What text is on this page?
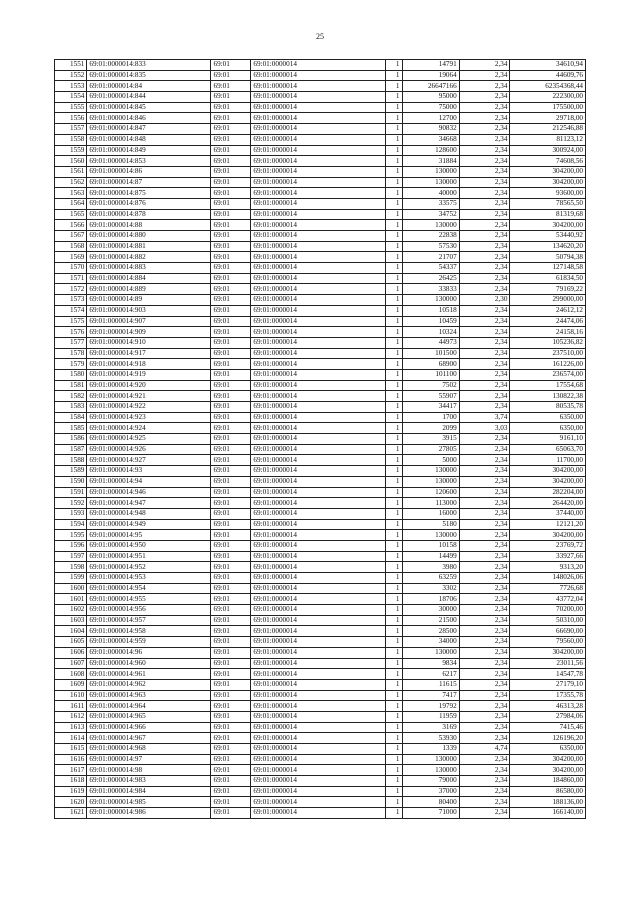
25
1551	69:01:0000014:833	69:01	69:01:0000014	1	14791	2,34	34610,94
1552	69:01:0000014:835	69:01	69:01:0000014	1	19064	2,34	44609,76
1553	69:01:0000014:84	69:01	69:01:0000014	1	26647166	2,34	62354368,44
1554	69:01:0000014:844	69:01	69:01:0000014	1	95000	2,34	222300,00
1555	69:01:0000014:845	69:01	69:01:0000014	1	75000	2,34	175500,00
1556	69:01:0000014:846	69:01	69:01:0000014	1	12700	2,34	29718,00
1557	69:01:0000014:847	69:01	69:01:0000014	1	90832	2,34	212546,88
1558	69:01:0000014:848	69:01	69:01:0000014	1	34668	2,34	81123,12
1559	69:01:0000014:849	69:01	69:01:0000014	1	128600	2,34	300924,00
1560	69:01:0000014:853	69:01	69:01:0000014	1	31884	2,34	74608,56
1561	69:01:0000014:86	69:01	69:01:0000014	1	130000	2,34	304200,00
1562	69:01:0000014:87	69:01	69:01:0000014	1	130000	2,34	304200,00
1563	69:01:0000014:875	69:01	69:01:0000014	1	40000	2,34	93600,00
1564	69:01:0000014:876	69:01	69:01:0000014	1	33575	2,34	78565,50
1565	69:01:0000014:878	69:01	69:01:0000014	1	34752	2,34	81319,68
1566	69:01:0000014:88	69:01	69:01:0000014	1	130000	2,34	304200,00
1567	69:01:0000014:880	69:01	69:01:0000014	1	22838	2,34	53440,92
1568	69:01:0000014:881	69:01	69:01:0000014	1	57530	2,34	134620,20
1569	69:01:0000014:882	69:01	69:01:0000014	1	21707	2,34	50794,38
1570	69:01:0000014:883	69:01	69:01:0000014	1	54337	2,34	127148,58
1571	69:01:0000014:884	69:01	69:01:0000014	1	26425	2,34	61834,50
1572	69:01:0000014:889	69:01	69:01:0000014	1	33833	2,34	79169,22
1573	69:01:0000014:89	69:01	69:01:0000014	1	130000	2,30	299000,00
1574	69:01:0000014:903	69:01	69:01:0000014	1	10518	2,34	24612,12
1575	69:01:0000014:907	69:01	69:01:0000014	1	10459	2,34	24474,06
1576	69:01:0000014:909	69:01	69:01:0000014	1	10324	2,34	24158,16
1577	69:01:0000014:910	69:01	69:01:0000014	1	44973	2,34	105236,82
1578	69:01:0000014:917	69:01	69:01:0000014	1	101500	2,34	237510,00
1579	69:01:0000014:918	69:01	69:01:0000014	1	68900	2,34	161226,00
1580	69:01:0000014:919	69:01	69:01:0000014	1	101100	2,34	236574,00
1581	69:01:0000014:920	69:01	69:01:0000014	1	7502	2,34	17554,68
1582	69:01:0000014:921	69:01	69:01:0000014	1	55907	2,34	130822,38
1583	69:01:0000014:922	69:01	69:01:0000014	1	34417	2,34	80535,78
1584	69:01:0000014:923	69:01	69:01:0000014	1	1700	3,74	6350,00
1585	69:01:0000014:924	69:01	69:01:0000014	1	2099	3,03	6350,00
1586	69:01:0000014:925	69:01	69:01:0000014	1	3915	2,34	9161,10
1587	69:01:0000014:926	69:01	69:01:0000014	1	27805	2,34	65063,70
1588	69:01:0000014:927	69:01	69:01:0000014	1	5000	2,34	11700,00
1589	69:01:0000014:93	69:01	69:01:0000014	1	130000	2,34	304200,00
1590	69:01:0000014:94	69:01	69:01:0000014	1	130000	2,34	304200,00
1591	69:01:0000014:946	69:01	69:01:0000014	1	120600	2,34	282204,00
1592	69:01:0000014:947	69:01	69:01:0000014	1	113000	2,34	264420,00
1593	69:01:0000014:948	69:01	69:01:0000014	1	16000	2,34	37440,00
1594	69:01:0000014:949	69:01	69:01:0000014	1	5180	2,34	12121,20
1595	69:01:0000014:95	69:01	69:01:0000014	1	130000	2,34	304200,00
1596	69:01:0000014:950	69:01	69:01:0000014	1	10158	2,34	23769,72
1597	69:01:0000014:951	69:01	69:01:0000014	1	14499	2,34	33927,66
1598	69:01:0000014:952	69:01	69:01:0000014	1	3980	2,34	9313,20
1599	69:01:0000014:953	69:01	69:01:0000014	1	63259	2,34	148026,06
1600	69:01:0000014:954	69:01	69:01:0000014	1	3302	2,34	7726,68
1601	69:01:0000014:955	69:01	69:01:0000014	1	18706	2,34	43772,04
1602	69:01:0000014:956	69:01	69:01:0000014	1	30000	2,34	70200,00
1603	69:01:0000014:957	69:01	69:01:0000014	1	21500	2,34	50310,00
1604	69:01:0000014:958	69:01	69:01:0000014	1	28500	2,34	66690,00
1605	69:01:0000014:959	69:01	69:01:0000014	1	34000	2,34	79560,00
1606	69:01:0000014:96	69:01	69:01:0000014	1	130000	2,34	304200,00
1607	69:01:0000014:960	69:01	69:01:0000014	1	9834	2,34	23011,56
1608	69:01:0000014:961	69:01	69:01:0000014	1	6217	2,34	14547,78
1609	69:01:0000014:962	69:01	69:01:0000014	1	11615	2,34	27179,10
1610	69:01:0000014:963	69:01	69:01:0000014	1	7417	2,34	17355,78
1611	69:01:0000014:964	69:01	69:01:0000014	1	19792	2,34	46313,28
1612	69:01:0000014:965	69:01	69:01:0000014	1	11959	2,34	27984,06
1613	69:01:0000014:966	69:01	69:01:0000014	1	3169	2,34	7415,46
1614	69:01:0000014:967	69:01	69:01:0000014	1	53930	2,34	126196,20
1615	69:01:0000014:968	69:01	69:01:0000014	1	1339	4,74	6350,00
1616	69:01:0000014:97	69:01	69:01:0000014	1	130000	2,34	304200,00
1617	69:01:0000014:98	69:01	69:01:0000014	1	130000	2,34	304200,00
1618	69:01:0000014:983	69:01	69:01:0000014	1	79000	2,34	184860,00
1619	69:01:0000014:984	69:01	69:01:0000014	1	37000	2,34	86580,00
1620	69:01:0000014:985	69:01	69:01:0000014	1	80400	2,34	188136,00
1621	69:01:0000014:986	69:01	69:01:0000014	1	71000	2,34	166140,00
